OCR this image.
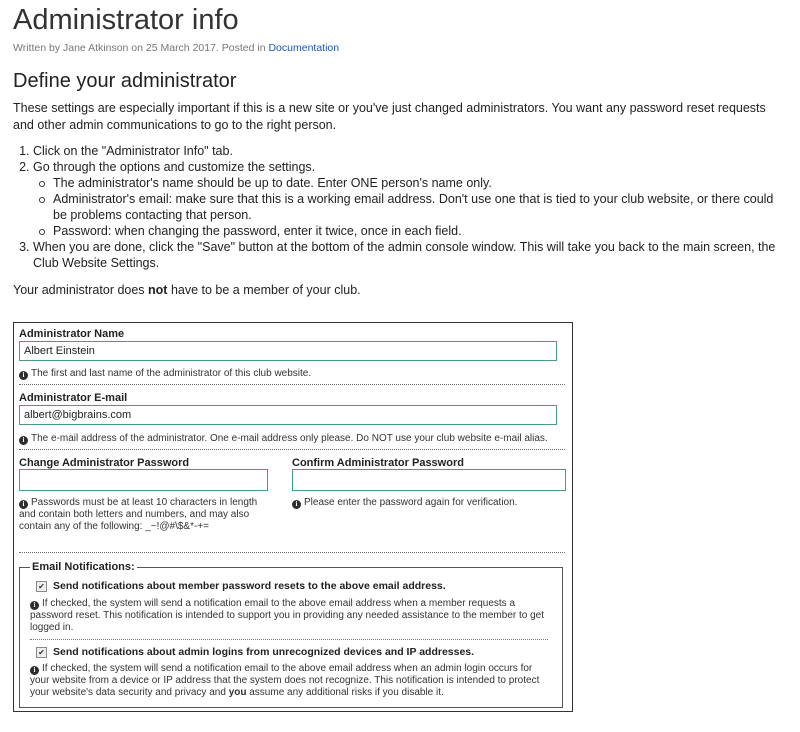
Administrator info
Written by Jane Atkinson on 25 March 2017. Posted in Documentation
Define your administrator

These settings are especially important if this is a new site or you've just changed administrators. You want any password reset requests and other admin communications to go to the right person.

1. Click on the "Administrator Info" tab.
2. Go through the options and customize the settings.
The administrator's name should be up to date. Enter ONE person's name only.
Administrator's email: make sure that this is a working email address. Don't use one that is tied to your club website, or there could be problems contacting that person.
Password: when changing the password, enter it twice, once in each field.
3. When you are done, click the "Save" button at the bottom of the admin console window. This will take you back to the main screen, the Club Website Settings.

Your administrator does not have to be a member of your club.

Administrator Name
Albert Einstein
i The first and last name of the administrator of this club website.
Administrator E-mail
albert@bigbrains.com
i The e-mail address of the administrator. One e-mail address only please. Do NOT use your club website e-mail alias.
Change Administrator Password
i Passwords must be at least 10 characters in length and contain both letters and numbers, and may also contain any of the following: _~!@#\$&*-+=
Confirm Administrator Password
i Please enter the password again for verification.
Email Notifications:
✔ Send notifications about member password resets to the above email address.
i If checked, the system will send a notification email to the above email address when a member requests a password reset. This notification is intended to support you in providing any needed assistance to the member to get logged in.
✔ Send notifications about admin logins from unrecognized devices and IP addresses.
i If checked, the system will send a notification email to the above email address when an admin login occurs for your website from a device or IP address that the system does not recognize. This notification is intended to protect your website's data security and privacy and you assume any additional risks if you disable it.
